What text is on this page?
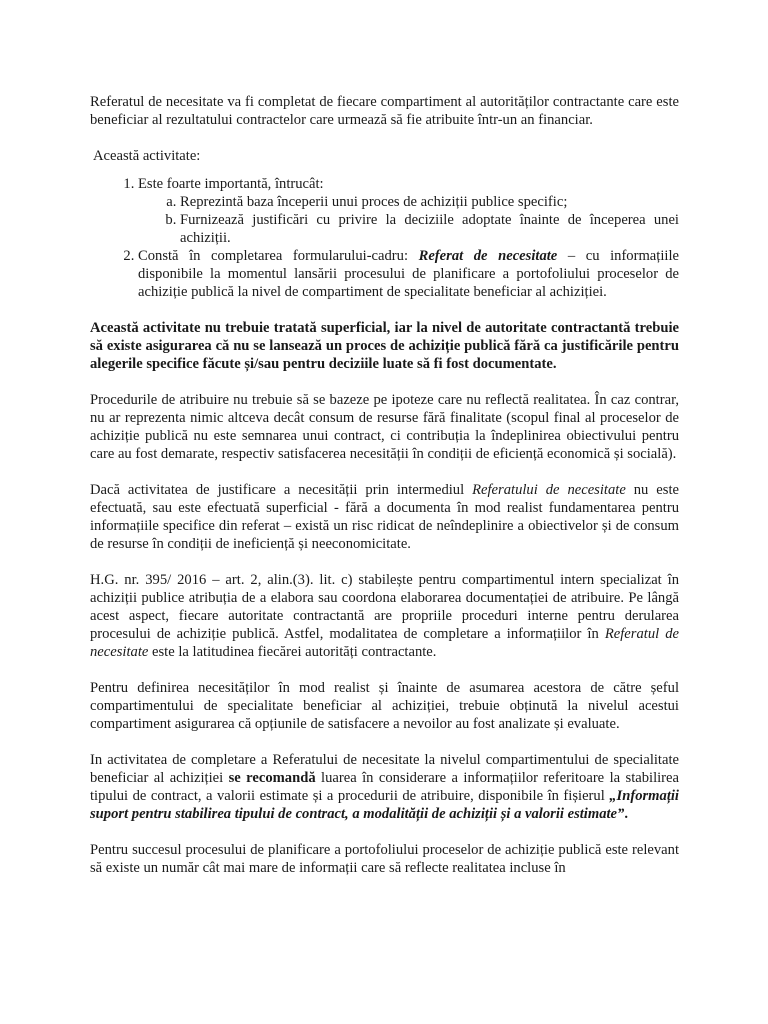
Referatul de necesitate va fi completat de fiecare compartiment al autorităților contractante care este beneficiar al rezultatului contractelor care urmează să fie atribuite într-un an financiar.

Această activitate:

1. Este foarte importantă, întrucât:
a. Reprezintă baza începerii unui proces de achiziții publice specific;
b. Furnizează justificări cu privire la deciziile adoptate înainte de începerea unei achiziții.
2. Constă în completarea formularului-cadru: Referat de necesitate – cu informațiile disponibile la momentul lansării procesului de planificare a portofoliului proceselor de achiziție publică la nivel de compartiment de specialitate beneficiar al achiziției.

Această activitate nu trebuie tratată superficial, iar la nivel de autoritate contractantă trebuie să existe asigurarea că nu se lansează un proces de achiziție publică fără ca justificările pentru alegerile specifice făcute și/sau pentru deciziile luate să fi fost documentate.

Procedurile de atribuire nu trebuie să se bazeze pe ipoteze care nu reflectă realitatea. În caz contrar, nu ar reprezenta nimic altceva decât consum de resurse fără finalitate (scopul final al proceselor de achiziție publică nu este semnarea unui contract, ci contribuția la îndeplinirea obiectivului pentru care au fost demarate, respectiv satisfacerea necesității în condiții de eficiență economică și socială).

Dacă activitatea de justificare a necesității prin intermediul Referatului de necesitate nu este efectuată, sau este efectuată superficial - fără a documenta în mod realist fundamentarea pentru informațiile specifice din referat – există un risc ridicat de neîndeplinire a obiectivelor și de consum de resurse în condiții de ineficiență și neeconomicitate.

H.G. nr. 395/ 2016 – art. 2, alin.(3). lit. c) stabilește pentru compartimentul intern specializat în achiziții publice atribuția de a elabora sau coordona elaborarea documentației de atribuire. Pe lângă acest aspect, fiecare autoritate contractantă are propriile proceduri interne pentru derularea procesului de achiziție publică. Astfel, modalitatea de completare a informațiilor în Referatul de necesitate este la latitudinea fiecărei autorități contractante.

Pentru definirea necesităților în mod realist și înainte de asumarea acestora de către șeful compartimentului de specialitate beneficiar al achiziției, trebuie obținută la nivelul acestui compartiment asigurarea că opțiunile de satisfacere a nevoilor au fost analizate și evaluate.

In activitatea de completare a Referatului de necesitate la nivelul compartimentului de specialitate beneficiar al achiziției se recomandă luarea în considerare a informațiilor referitoare la stabilirea tipului de contract, a valorii estimate și a procedurii de atribuire, disponibile în fișierul „Informații suport pentru stabilirea tipului de contract, a modalității de achiziții și a valorii estimate”.

Pentru succesul procesului de planificare a portofoliului proceselor de achiziție publică este relevant să existe un număr cât mai mare de informații care să reflecte realitatea incluse în
